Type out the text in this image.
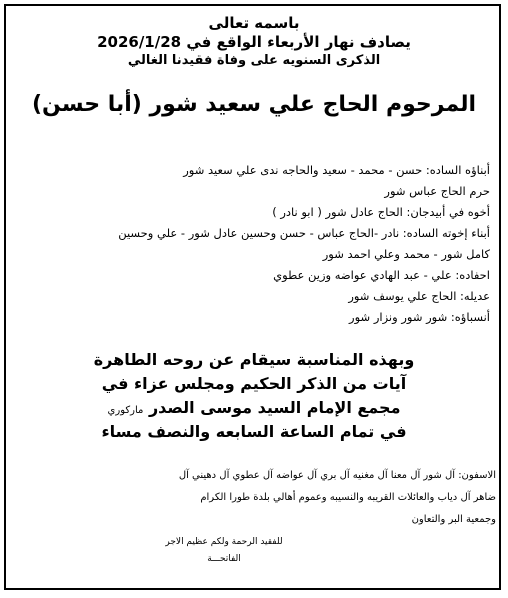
باسمه تعالى
يصادف نهار الأربعاء الواقع في 2026/1/28
الذكرى السنويه على وفاة فقيدنا الغالي
المرحوم الحاج علي سعيد شور (أبا حسن)
أبناؤه الساده: حسن - محمد - سعيد والحاجه ندى علي سعيد شور
حرم الحاج عباس شور
أخوه في أبيدجان: الحاج عادل شور ( ابو نادر )
أبناء إخوته الساده: نادر -الحاج عباس - حسن وحسين عادل شور - علي وحسين
كامل شور - محمد وعلي احمد شور
احفاده: علي - عبد الهادي عواضه وزين عطوي
عديله: الحاج علي يوسف شور
أنسباؤه: شور شور ونزار شور
وبهذه المناسبة سيقام عن روحه الطاهرة
آيات من الذكر الحكيم ومجلس عزاء في
مجمع الإمام السيد موسى الصدر ماركوري
في تمام الساعة السابعه والنصف مساء
الاسفون: آل شور آل معنا آل مغنيه آل بري آل عواضه آل عطوي آل دهيني آل
ضاهر آل دياب والعائلات القريبه والنسيبه وعموم أهالي بلدة طورا الكرام
وجمعية البر والتعاون
للفقيد الرحمة ولكم عظيم الاجر
الفاتحـــة
